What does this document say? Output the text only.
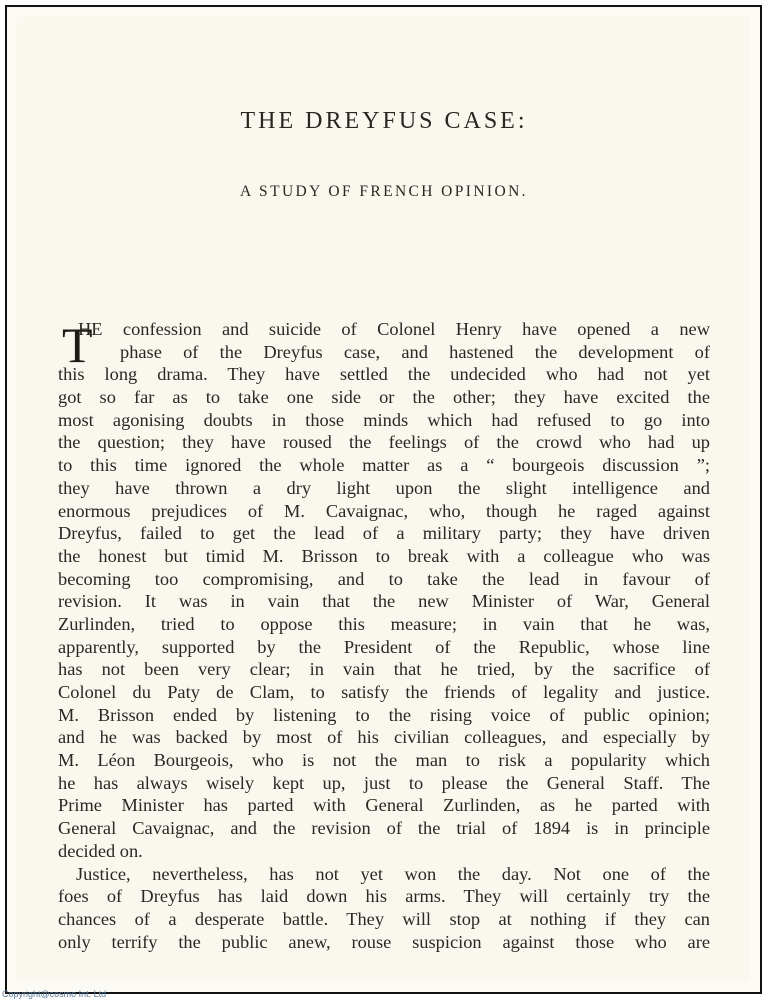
THE DREYFUS CASE:
A STUDY OF FRENCH OPINION.
T
HE confession and suicide of Colonel Henry have opened a new
phase of the Dreyfus case, and hastened the development of
this long drama. They have settled the undecided who had not yet
got so far as to take one side or the other; they have excited the
most agonising doubts in those minds which had refused to go into
the question; they have roused the feelings of the crowd who had up
to this time ignored the whole matter as a “ bourgeois discussion ”;
they have thrown a dry light upon the slight intelligence and
enormous prejudices of M. Cavaignac, who, though he raged against
Dreyfus, failed to get the lead of a military party; they have driven
the honest but timid M. Brisson to break with a colleague who was
becoming too compromising, and to take the lead in favour of
revision. It was in vain that the new Minister of War, General
Zurlinden, tried to oppose this measure; in vain that he was,
apparently, supported by the President of the Republic, whose line
has not been very clear; in vain that he tried, by the sacrifice of
Colonel du Paty de Clam, to satisfy the friends of legality and justice.
M. Brisson ended by listening to the rising voice of public opinion;
and he was backed by most of his civilian colleagues, and especially by
M. Léon Bourgeois, who is not the man to risk a popularity which
he has always wisely kept up, just to please the General Staff. The
Prime Minister has parted with General Zurlinden, as he parted with
General Cavaignac, and the revision of the trial of 1894 is in principle
decided on.
Justice, nevertheless, has not yet won the day. Not one of the
foes of Dreyfus has laid down his arms. They will certainly try the
chances of a desperate battle. They will stop at nothing if they can
only terrify the public anew, rouse suspicion against those who are
Copyright@cosmo Int. Ltd
